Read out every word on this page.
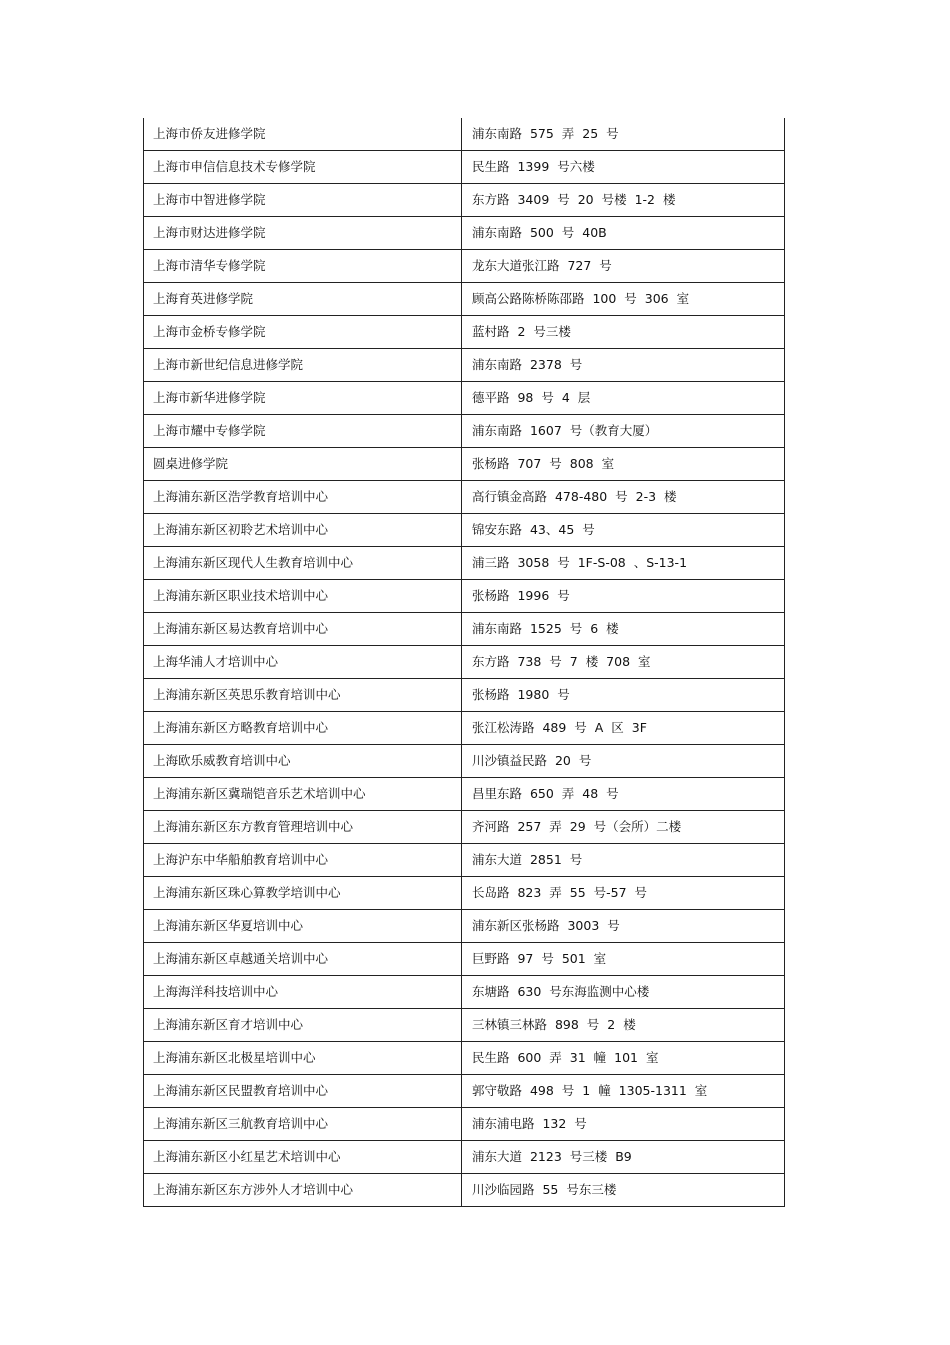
上海市侨友进修学院	浦东南路 575 弄 25 号
上海市申信信息技术专修学院	民生路 1399 号六楼
上海市中智进修学院	东方路 3409 号 20 号楼 1-2 楼
上海市财达进修学院	浦东南路 500 号 40B
上海市清华专修学院	龙东大道张江路 727 号
上海育英进修学院	顾高公路陈桥陈邵路 100 号 306 室
上海市金桥专修学院	蓝村路 2 号三楼
上海市新世纪信息进修学院	浦东南路 2378 号
上海市新华进修学院	德平路 98 号 4 层
上海市耀中专修学院	浦东南路 1607 号（教育大厦）
圆桌进修学院	张杨路 707 号 808 室
上海浦东新区浩学教育培训中心	高行镇金高路 478-480 号 2-3 楼
上海浦东新区初聆艺术培训中心	锦安东路 43、45 号
上海浦东新区现代人生教育培训中心	浦三路 3058 号 1F-S-08 、S-13-1
上海浦东新区职业技术培训中心	张杨路 1996 号
上海浦东新区易达教育培训中心	浦东南路 1525 号 6 楼
上海华浦人才培训中心	东方路 738 号 7 楼 708 室
上海浦东新区英思乐教育培训中心	张杨路 1980 号
上海浦东新区方略教育培训中心	张江松涛路 489 号 A 区 3F
上海欧乐威教育培训中心	川沙镇益民路 20 号
上海浦东新区冀瑞铠音乐艺术培训中心	昌里东路 650 弄 48 号
上海浦东新区东方教育管理培训中心	齐河路 257 弄 29 号（会所）二楼
上海沪东中华船舶教育培训中心	浦东大道 2851 号
上海浦东新区珠心算教学培训中心	长岛路 823 弄 55 号-57 号
上海浦东新区华夏培训中心	浦东新区张杨路 3003 号
上海浦东新区卓越通关培训中心	巨野路 97 号 501 室
上海海洋科技培训中心	东塘路 630 号东海监测中心楼
上海浦东新区育才培训中心	三林镇三林路 898 号 2 楼
上海浦东新区北极星培训中心	民生路 600 弄 31 幢 101 室
上海浦东新区民盟教育培训中心	郭守敬路 498 号 1 幢 1305-1311 室
上海浦东新区三航教育培训中心	浦东浦电路 132 号
上海浦东新区小红星艺术培训中心	浦东大道 2123 号三楼 B9
上海浦东新区东方涉外人才培训中心	川沙临园路 55 号东三楼
